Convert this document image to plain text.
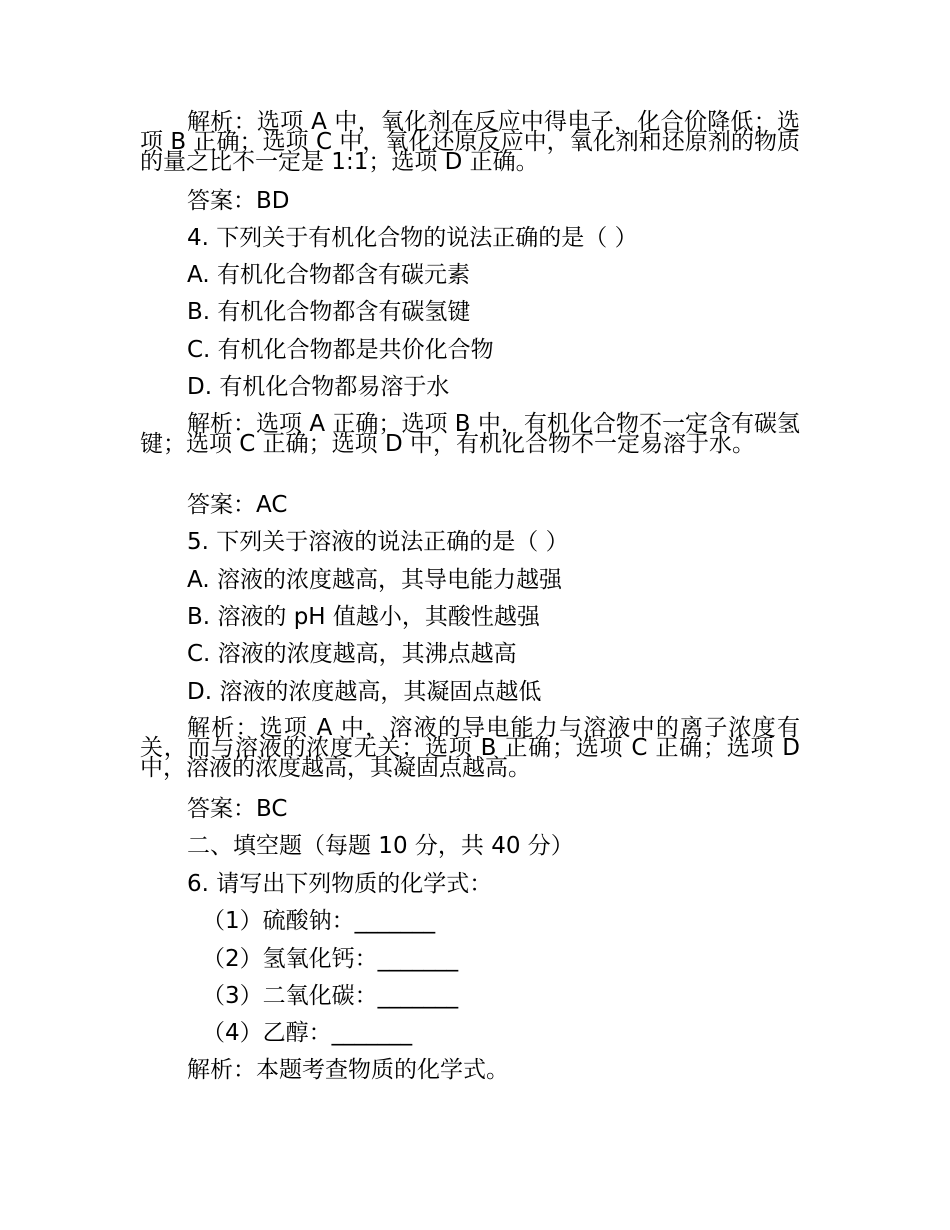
解析：选项 A 中，氧化剂在反应中得电子，化合价降低；选项 B 正确；选项 C 中，氧化还原反应中，氧化剂和还原剂的物质的量之比不一定是 1:1；选项 D 正确。
答案：BD
4. 下列关于有机化合物的说法正确的是（ ）
A. 有机化合物都含有碳元素
B. 有机化合物都含有碳氢键
C. 有机化合物都是共价化合物
D. 有机化合物都易溶于水
解析：选项 A 正确；选项 B 中，有机化合物不一定含有碳氢键；选项 C 正确；选项 D 中，有机化合物不一定易溶于水。
答案：AC
5. 下列关于溶液的说法正确的是（ ）
A. 溶液的浓度越高，其导电能力越强
B. 溶液的 pH 值越小，其酸性越强
C. 溶液的浓度越高，其沸点越高
D. 溶液的浓度越高，其凝固点越低
解析：选项 A 中，溶液的导电能力与溶液中的离子浓度有关，而与溶液的浓度无关；选项 B 正确；选项 C 正确；选项 D 中，溶液的浓度越高，其凝固点越高。
答案：BC
二、填空题（每题 10 分，共 40 分）
6. 请写出下列物质的化学式：
（1）硫酸钠：_______
（2）氢氧化钙：_______
（3）二氧化碳：_______
（4）乙醇：_______
解析：本题考查物质的化学式。
